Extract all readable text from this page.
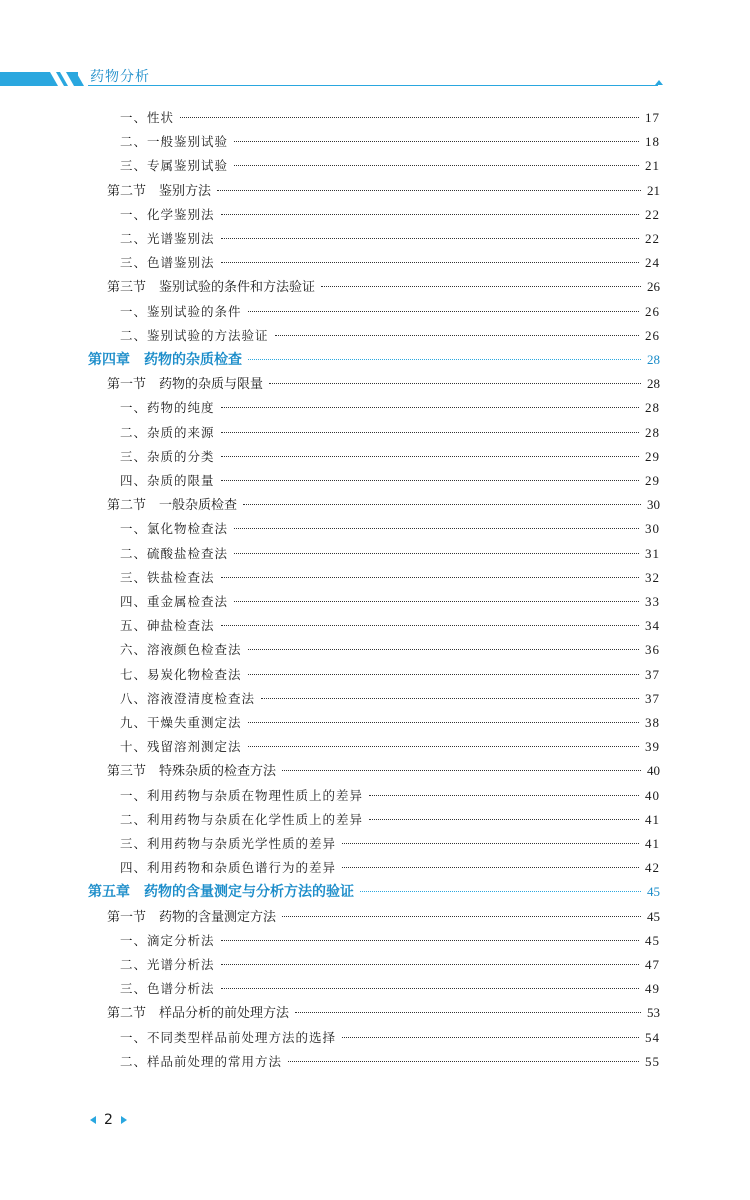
药物分析
一、性状	17
二、一般鉴别试验	18
三、专属鉴别试验	21
第二节　鉴别方法	21
一、化学鉴别法	22
二、光谱鉴别法	22
三、色谱鉴别法	24
第三节　鉴别试验的条件和方法验证	26
一、鉴别试验的条件	26
二、鉴别试验的方法验证	26
第四章　药物的杂质检查	28
第一节　药物的杂质与限量	28
一、药物的纯度	28
二、杂质的来源	28
三、杂质的分类	29
四、杂质的限量	29
第二节　一般杂质检查	30
一、氯化物检查法	30
二、硫酸盐检查法	31
三、铁盐检查法	32
四、重金属检查法	33
五、砷盐检查法	34
六、溶液颜色检查法	36
七、易炭化物检查法	37
八、溶液澄清度检查法	37
九、干燥失重测定法	38
十、残留溶剂测定法	39
第三节　特殊杂质的检查方法	40
一、利用药物与杂质在物理性质上的差异	40
二、利用药物与杂质在化学性质上的差异	41
三、利用药物与杂质光学性质的差异	41
四、利用药物和杂质色谱行为的差异	42
第五章　药物的含量测定与分析方法的验证	45
第一节　药物的含量测定方法	45
一、滴定分析法	45
二、光谱分析法	47
三、色谱分析法	49
第二节　样品分析的前处理方法	53
一、不同类型样品前处理方法的选择	54
二、样品前处理的常用方法	55
2
